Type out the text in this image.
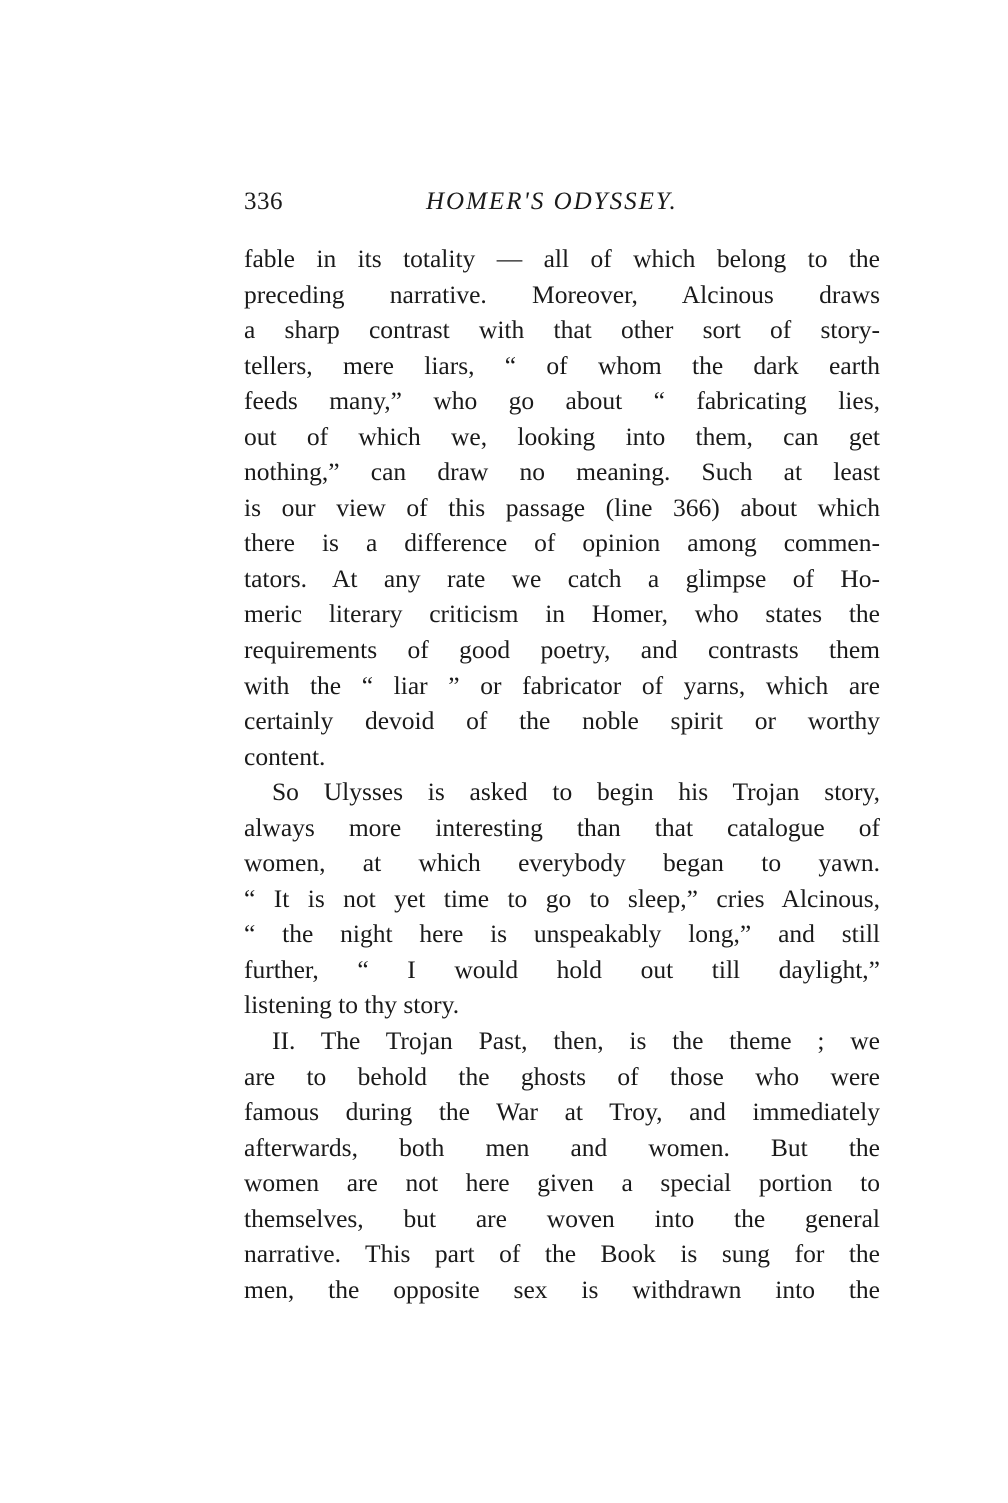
336	HOMER'S ODYSSEY.
fable in its totality — all of which belong to the
preceding narrative. Moreover, Alcinous draws
a sharp contrast with that other sort of story-
tellers, mere liars, “ of whom the dark earth
feeds many,” who go about “ fabricating lies,
out of which we, looking into them, can get
nothing,” can draw no meaning. Such at least
is our view of this passage (line 366) about which
there is a difference of opinion among commen-
tators. At any rate we catch a glimpse of Ho-
meric literary criticism in Homer, who states the
requirements of good poetry, and contrasts them
with the “ liar ” or fabricator of yarns, which are
certainly devoid of the noble spirit or worthy
content.
So Ulysses is asked to begin his Trojan story,
always more interesting than that catalogue of
women, at which everybody began to yawn.
“ It is not yet time to go to sleep,” cries Alcinous,
“ the night here is unspeakably long,” and still
further, “ I would hold out till daylight,”
listening to thy story.
II. The Trojan Past, then, is the theme ; we
are to behold the ghosts of those who were
famous during the War at Troy, and immediately
afterwards, both men and women. But the
women are not here given a special portion to
themselves, but are woven into the general
narrative. This part of the Book is sung for the
men, the opposite sex is withdrawn into the
